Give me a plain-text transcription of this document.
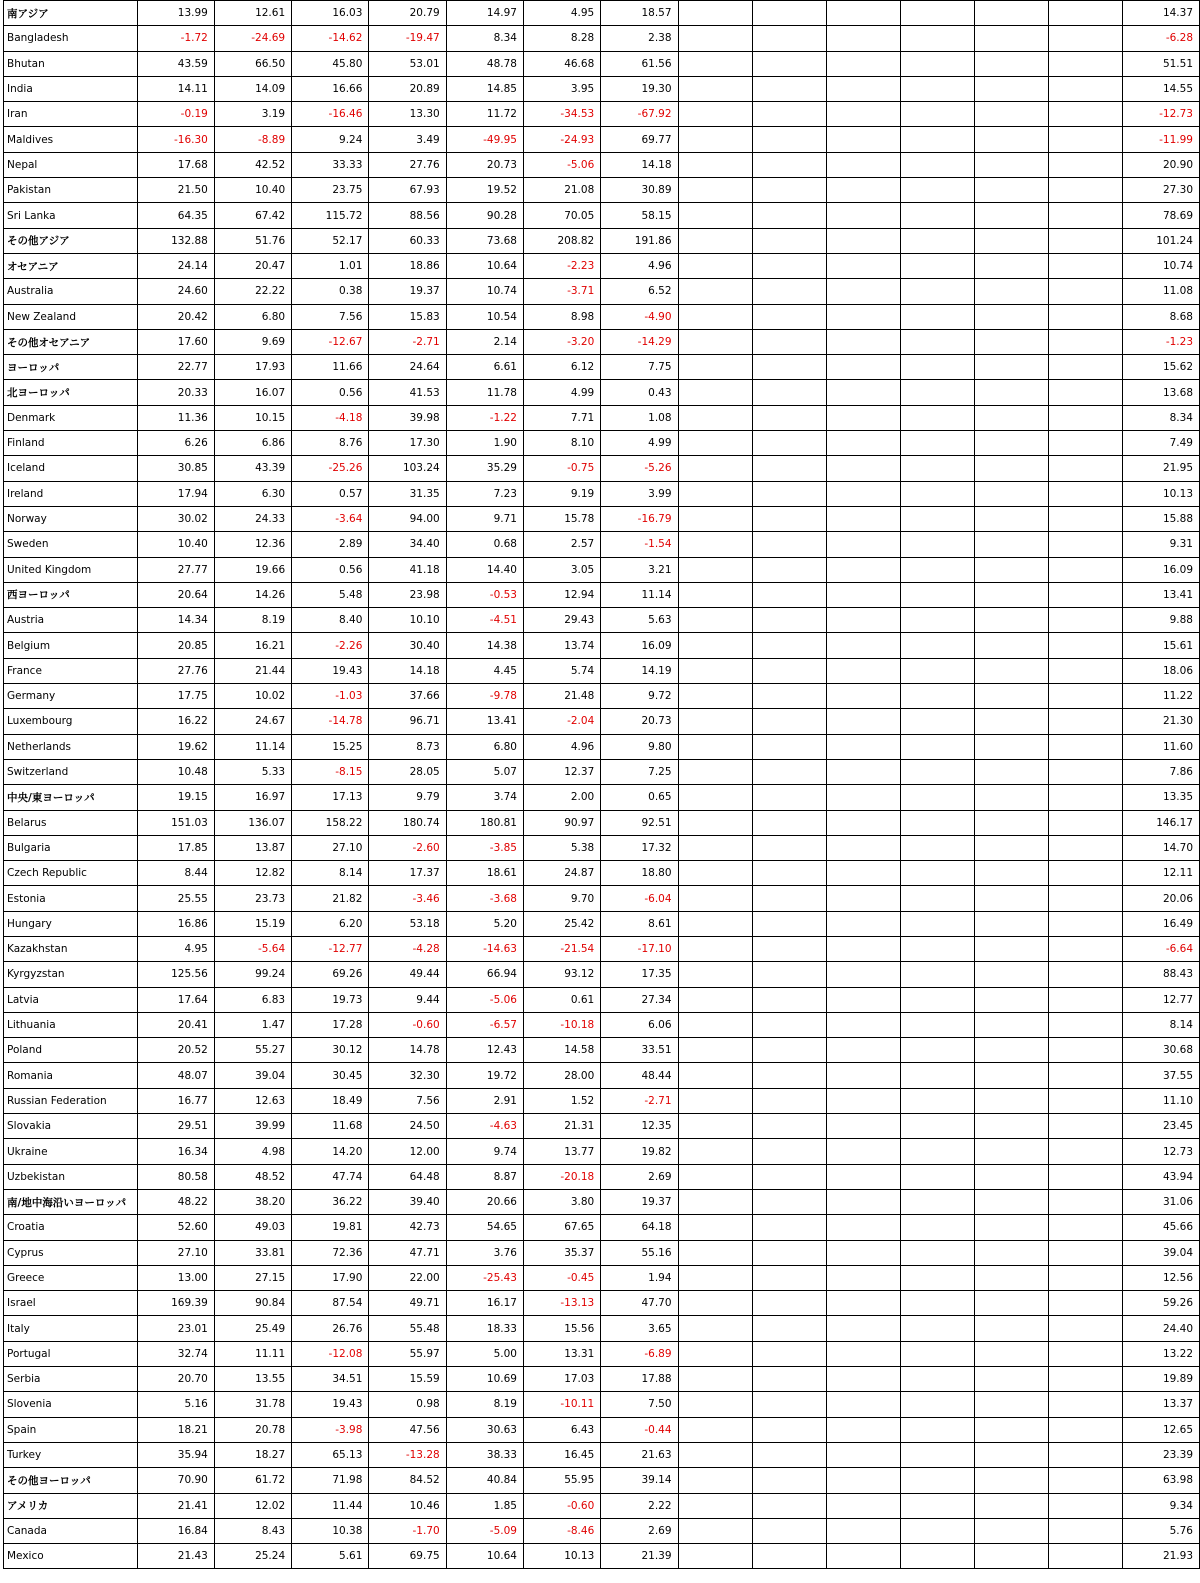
南アジア	13.99	12.61	16.03	20.79	14.97	4.95	18.57							14.37
Bangladesh	-1.72	-24.69	-14.62	-19.47	8.34	8.28	2.38							-6.28
Bhutan	43.59	66.50	45.80	53.01	48.78	46.68	61.56							51.51
India	14.11	14.09	16.66	20.89	14.85	3.95	19.30							14.55
Iran	-0.19	3.19	-16.46	13.30	11.72	-34.53	-67.92							-12.73
Maldives	-16.30	-8.89	9.24	3.49	-49.95	-24.93	69.77							-11.99
Nepal	17.68	42.52	33.33	27.76	20.73	-5.06	14.18							20.90
Pakistan	21.50	10.40	23.75	67.93	19.52	21.08	30.89							27.30
Sri Lanka	64.35	67.42	115.72	88.56	90.28	70.05	58.15							78.69
その他アジア	132.88	51.76	52.17	60.33	73.68	208.82	191.86							101.24
オセアニア	24.14	20.47	1.01	18.86	10.64	-2.23	4.96							10.74
Australia	24.60	22.22	0.38	19.37	10.74	-3.71	6.52							11.08
New Zealand	20.42	6.80	7.56	15.83	10.54	8.98	-4.90							8.68
その他オセアニア	17.60	9.69	-12.67	-2.71	2.14	-3.20	-14.29							-1.23
ヨーロッパ	22.77	17.93	11.66	24.64	6.61	6.12	7.75							15.62
北ヨーロッパ	20.33	16.07	0.56	41.53	11.78	4.99	0.43							13.68
Denmark	11.36	10.15	-4.18	39.98	-1.22	7.71	1.08							8.34
Finland	6.26	6.86	8.76	17.30	1.90	8.10	4.99							7.49
Iceland	30.85	43.39	-25.26	103.24	35.29	-0.75	-5.26							21.95
Ireland	17.94	6.30	0.57	31.35	7.23	9.19	3.99							10.13
Norway	30.02	24.33	-3.64	94.00	9.71	15.78	-16.79							15.88
Sweden	10.40	12.36	2.89	34.40	0.68	2.57	-1.54							9.31
United Kingdom	27.77	19.66	0.56	41.18	14.40	3.05	3.21							16.09
西ヨーロッパ	20.64	14.26	5.48	23.98	-0.53	12.94	11.14							13.41
Austria	14.34	8.19	8.40	10.10	-4.51	29.43	5.63							9.88
Belgium	20.85	16.21	-2.26	30.40	14.38	13.74	16.09							15.61
France	27.76	21.44	19.43	14.18	4.45	5.74	14.19							18.06
Germany	17.75	10.02	-1.03	37.66	-9.78	21.48	9.72							11.22
Luxembourg	16.22	24.67	-14.78	96.71	13.41	-2.04	20.73							21.30
Netherlands	19.62	11.14	15.25	8.73	6.80	4.96	9.80							11.60
Switzerland	10.48	5.33	-8.15	28.05	5.07	12.37	7.25							7.86
中央/東ヨーロッパ	19.15	16.97	17.13	9.79	3.74	2.00	0.65							13.35
Belarus	151.03	136.07	158.22	180.74	180.81	90.97	92.51							146.17
Bulgaria	17.85	13.87	27.10	-2.60	-3.85	5.38	17.32							14.70
Czech Republic	8.44	12.82	8.14	17.37	18.61	24.87	18.80							12.11
Estonia	25.55	23.73	21.82	-3.46	-3.68	9.70	-6.04							20.06
Hungary	16.86	15.19	6.20	53.18	5.20	25.42	8.61							16.49
Kazakhstan	4.95	-5.64	-12.77	-4.28	-14.63	-21.54	-17.10							-6.64
Kyrgyzstan	125.56	99.24	69.26	49.44	66.94	93.12	17.35							88.43
Latvia	17.64	6.83	19.73	9.44	-5.06	0.61	27.34							12.77
Lithuania	20.41	1.47	17.28	-0.60	-6.57	-10.18	6.06							8.14
Poland	20.52	55.27	30.12	14.78	12.43	14.58	33.51							30.68
Romania	48.07	39.04	30.45	32.30	19.72	28.00	48.44							37.55
Russian Federation	16.77	12.63	18.49	7.56	2.91	1.52	-2.71							11.10
Slovakia	29.51	39.99	11.68	24.50	-4.63	21.31	12.35							23.45
Ukraine	16.34	4.98	14.20	12.00	9.74	13.77	19.82							12.73
Uzbekistan	80.58	48.52	47.74	64.48	8.87	-20.18	2.69							43.94
南/地中海沿いヨーロッパ	48.22	38.20	36.22	39.40	20.66	3.80	19.37							31.06
Croatia	52.60	49.03	19.81	42.73	54.65	67.65	64.18							45.66
Cyprus	27.10	33.81	72.36	47.71	3.76	35.37	55.16							39.04
Greece	13.00	27.15	17.90	22.00	-25.43	-0.45	1.94							12.56
Israel	169.39	90.84	87.54	49.71	16.17	-13.13	47.70							59.26
Italy	23.01	25.49	26.76	55.48	18.33	15.56	3.65							24.40
Portugal	32.74	11.11	-12.08	55.97	5.00	13.31	-6.89							13.22
Serbia	20.70	13.55	34.51	15.59	10.69	17.03	17.88							19.89
Slovenia	5.16	31.78	19.43	0.98	8.19	-10.11	7.50							13.37
Spain	18.21	20.78	-3.98	47.56	30.63	6.43	-0.44							12.65
Turkey	35.94	18.27	65.13	-13.28	38.33	16.45	21.63							23.39
その他ヨーロッパ	70.90	61.72	71.98	84.52	40.84	55.95	39.14							63.98
アメリカ	21.41	12.02	11.44	10.46	1.85	-0.60	2.22							9.34
Canada	16.84	8.43	10.38	-1.70	-5.09	-8.46	2.69							5.76
Mexico	21.43	25.24	5.61	69.75	10.64	10.13	21.39							21.93
